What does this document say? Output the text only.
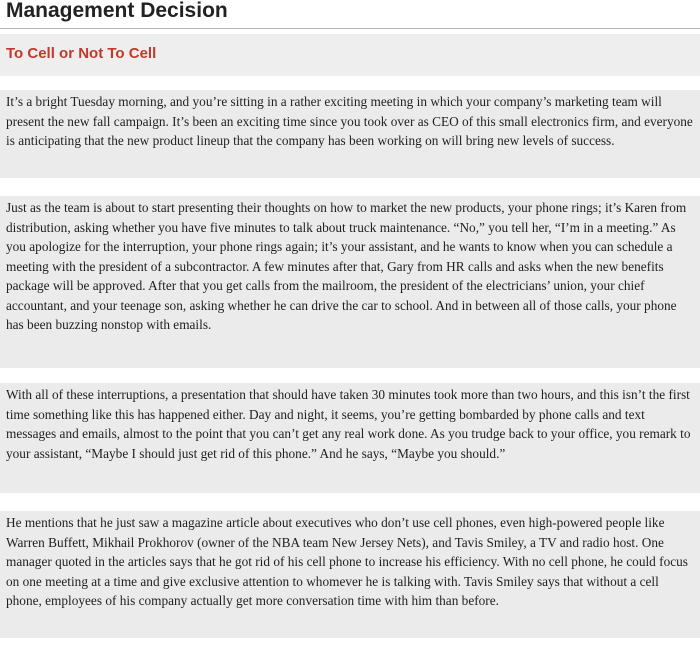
Management Decision
To Cell or Not To Cell

It’s a bright Tuesday morning, and you’re sitting in a rather exciting meeting in which your company’s marketing team will present the new fall campaign. It’s been an exciting time since you took over as CEO of this small electronics firm, and everyone is anticipating that the new product lineup that the company has been working on will bring new levels of success.

Just as the team is about to start presenting their thoughts on how to market the new products, your phone rings; it’s Karen from distribution, asking whether you have five minutes to talk about truck maintenance. “No,” you tell her, “I’m in a meeting.” As you apologize for the interruption, your phone rings again; it’s your assistant, and he wants to know when you can schedule a meeting with the president of a subcontractor. A few minutes after that, Gary from HR calls and asks when the new benefits package will be approved. After that you get calls from the mailroom, the president of the electricians’ union, your chief accountant, and your teenage son, asking whether he can drive the car to school. And in between all of those calls, your phone has been buzzing nonstop with emails.

With all of these interruptions, a presentation that should have taken 30 minutes took more than two hours, and this isn’t the first time something like this has happened either. Day and night, it seems, you’re getting bombarded by phone calls and text messages and emails, almost to the point that you can’t get any real work done. As you trudge back to your office, you remark to your assistant, “Maybe I should just get rid of this phone.” And he says, “Maybe you should.”

He mentions that he just saw a magazine article about executives who don’t use cell phones, even high-powered people like Warren Buffett, Mikhail Prokhorov (owner of the NBA team New Jersey Nets), and Tavis Smiley, a TV and radio host. One manager quoted in the articles says that he got rid of his cell phone to increase his efficiency. With no cell phone, he could focus on one meeting at a time and give exclusive attention to whomever he is talking with. Tavis Smiley says that without a cell phone, employees of his company actually get more conversation time with him than before.
